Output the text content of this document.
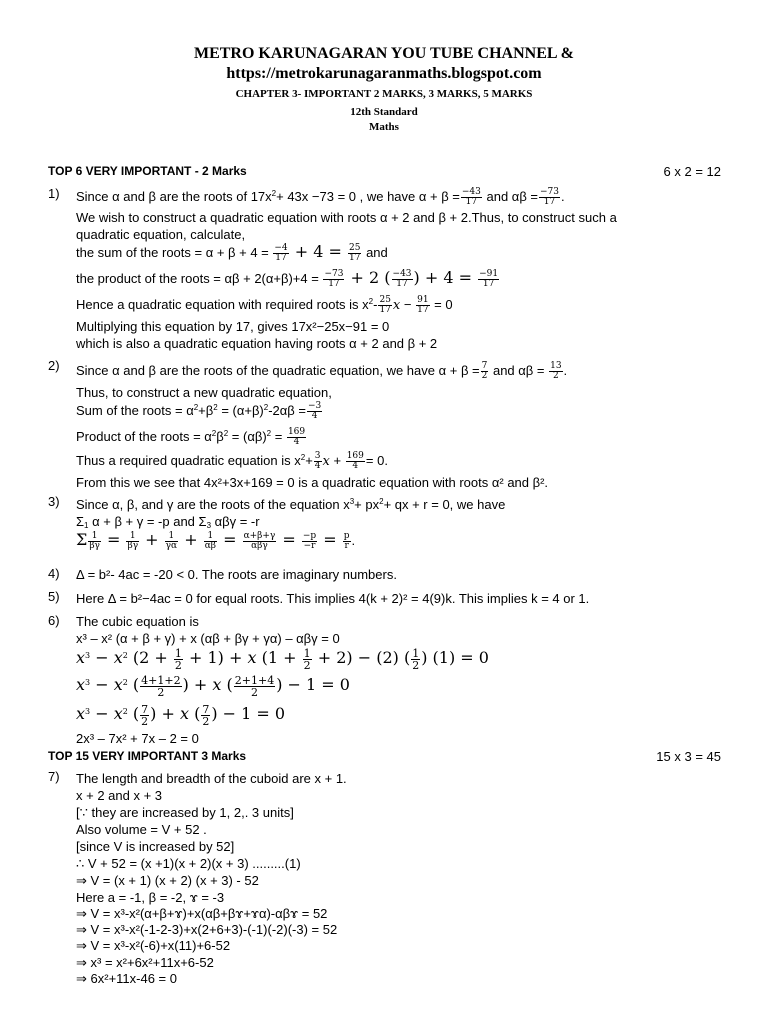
METRO KARUNAGARAN YOU TUBE CHANNEL &
https://metrokarunagaranmaths.blogspot.com
CHAPTER 3- IMPORTANT 2 MARKS, 3 MARKS, 5 MARKS
12th Standard
Maths
TOP 6 VERY IMPORTANT - 2 Marks	6 x 2 = 12
1) Since α and β are the roots of $17x^2+ 43x -73 = 0$ , we have $\alpha + \beta = \frac{-43}{17}$ and $\alpha\beta = \frac{-73}{17}$ .
We wish to construct a quadratic equation with roots α + 2 and β + 2.Thus, to construct such a
quadratic equation, calculate,
the sum of the roots = $\alpha + \beta + 4 = \frac{-4}{17} + 4 = \frac{25}{17}$ and
the product of the roots = $\alpha\beta + 2(\alpha+\beta)+4 = \frac{-73}{17} + 2$ ( $\frac{-43}{17}$ ) + $4 = \frac{-91}{17}$
Hence a quadratic equation with required roots is $x^2- \frac{25}{17}$ $x - \frac{91}{17} = 0$
Multiplying this equation by 17, gives 17x²−25x−91 = 0
which is also a quadratic equation having roots α + 2 and β + 2
2) Since α and β are the roots of the quadratic equation, we have $\alpha + \beta = \frac{7}{2}$ and $\alpha\beta = \frac{13}{2}$ .
Thus, to construct a new quadratic equation,
Sum of the roots = $\alpha^2+\beta^2 = (\alpha+\beta)^2-2\alpha\beta = \frac{-3}{4}$
Product of the roots = $\alpha^2\beta^2 = (\alpha\beta)^2 = \frac{169}{4}$
Thus a required quadratic equation is $x^2+ \frac{3}{4}$ $x + \frac{169}{4} = 0$.
From this we see that 4x²+3x+169 = 0 is a quadratic equation with roots α² and β².
3) Since α, β, and γ are the roots of the equation $x^3+ px^2+$ qx + r = 0, we have
$\Sigma_1$ α + β + γ = -p and $\Sigma_3$ αβγ = -r
Σ $\frac{1}{\beta\gamma} = \frac{1}{\beta\gamma} + \frac{1}{\gamma\alpha} + \frac{1}{\alpha\beta} = \alpha+\beta+\gamma$
$\alpha\beta\gamma = \frac{-p}{-r} = \frac{p}{r}$ .
4) Δ = b²- 4ac = -20 < 0. The roots are imaginary numbers.
5) Here Δ = b²−4ac = 0 for equal roots. This implies 4(k + 2)² = 4(9)k. This implies k = 4 or 1.
6) The cubic equation is
x³ – x² (α + β + γ) + x (αβ + βγ + γα) – αβγ = 0
$x^3 - x^2$ $(2 + \frac{1}{2} + 1) + x$ $(1 + \frac{1}{2} + 2) - (2)$ ( $\frac{1}{2}$ ) (1) = 0
$x^3 - x^2$ ( $\frac{4+1+2}{2}$ ) + x ( $\frac{2+1+4}{2}$ ) − 1 = 0
$x^3 - x^2$ ( $\frac{7}{2}$ ) + x ( $\frac{7}{2}$ ) − 1 = 0
2x³ – 7x² + 7x – 2 = 0
TOP 15 VERY IMPORTANT 3 Marks	15 x 3 = 45
7) The length and breadth of the cuboid are x + 1.
x + 2 and x + 3
[∵ they are increased by 1, 2,. 3 units]
Also volume = V + 52 .
[since V is increased by 52]
∴ V + 52 = (x +1)(x + 2)(x + 3) .........(1)
⇒ V = (x + 1) (x + 2) (x + 3) - 52
Here a = -1, β = -2, ɤ = -3
⇒ V = x³-x²(α+β+ɤ)+x(αβ+βɤ+ɤα)-αβɤ = 52
⇒ V = x³-x²(-1-2-3)+x(2+6+3)-(-1)(-2)(-3) = 52
⇒ V = x³-x²(-6)+x(11)+6-52
⇒ x³ = x²+6x²+11x+6-52
⇒ 6x²+11x-46 = 0
